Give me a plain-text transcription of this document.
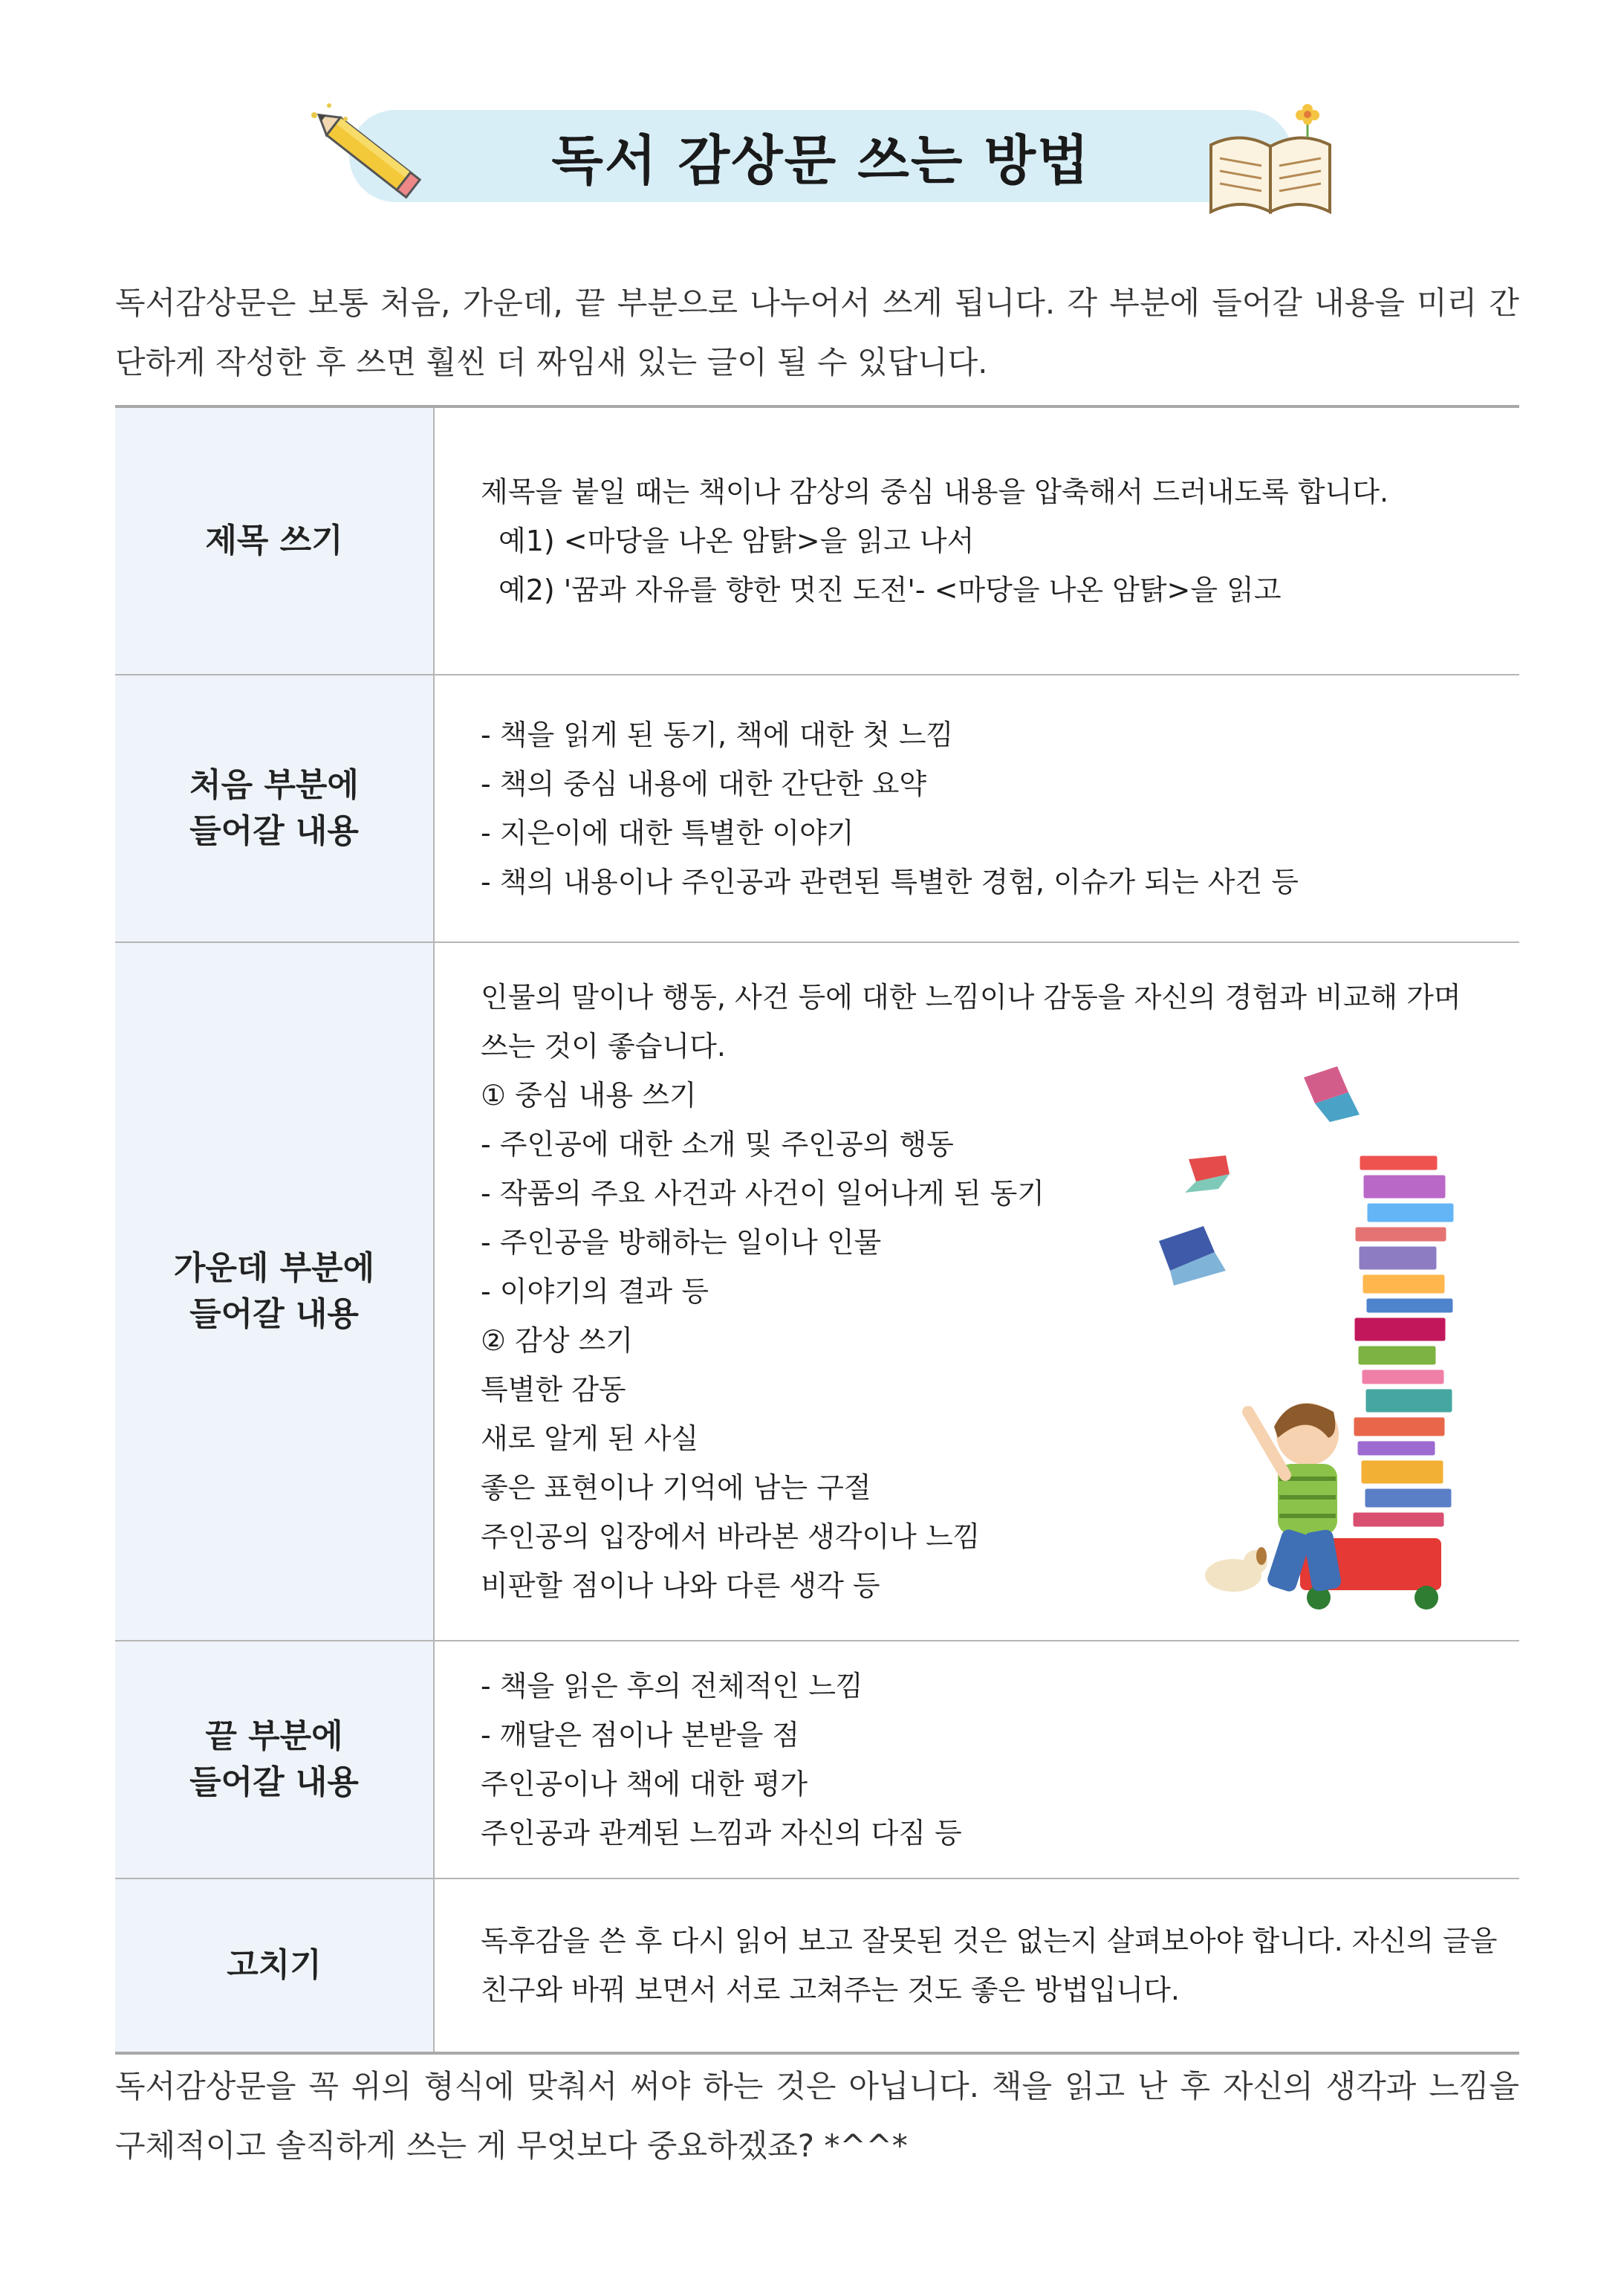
독서 감상문 쓰는 방법
독서감상문은 보통 처음, 가운데, 끝 부분으로 나누어서 쓰게 됩니다. 각 부분에 들어갈 내용을 미리 간단하게 작성한 후 쓰면 훨씬 더 짜임새 있는 글이 될 수 있답니다.
제목 쓰기
제목을 붙일 때는 책이나 감상의 중심 내용을 압축해서 드러내도록 합니다.
예1) <마당을 나온 암탉>을 읽고 나서
예2) '꿈과 자유를 향한 멋진 도전'- <마당을 나온 암탉>을 읽고
처음 부분에
들어갈 내용
- 책을 읽게 된 동기, 책에 대한 첫 느낌
- 책의 중심 내용에 대한 간단한 요약
- 지은이에 대한 특별한 이야기
- 책의 내용이나 주인공과 관련된 특별한 경험, 이슈가 되는 사건 등
가운데 부분에
들어갈 내용
인물의 말이나 행동, 사건 등에 대한 느낌이나 감동을 자신의 경험과 비교해 가며
쓰는 것이 좋습니다.
① 중심 내용 쓰기
- 주인공에 대한 소개 및 주인공의 행동
- 작품의 주요 사건과 사건이 일어나게 된 동기
- 주인공을 방해하는 일이나 인물
- 이야기의 결과 등
② 감상 쓰기
특별한 감동
새로 알게 된 사실
좋은 표현이나 기억에 남는 구절
주인공의 입장에서 바라본 생각이나 느낌
비판할 점이나 나와 다른 생각 등
끝 부분에
들어갈 내용
- 책을 읽은 후의 전체적인 느낌
- 깨달은 점이나 본받을 점
주인공이나 책에 대한 평가
주인공과 관계된 느낌과 자신의 다짐 등
고치기
독후감을 쓴 후 다시 읽어 보고 잘못된 것은 없는지 살펴보아야 합니다. 자신의 글을
친구와 바꿔 보면서 서로 고쳐주는 것도 좋은 방법입니다.
독서감상문을 꼭 위의 형식에 맞춰서 써야 하는 것은 아닙니다. 책을 읽고 난 후 자신의 생각과 느낌을 구체적이고 솔직하게 쓰는 게 무엇보다 중요하겠죠? *^^*
